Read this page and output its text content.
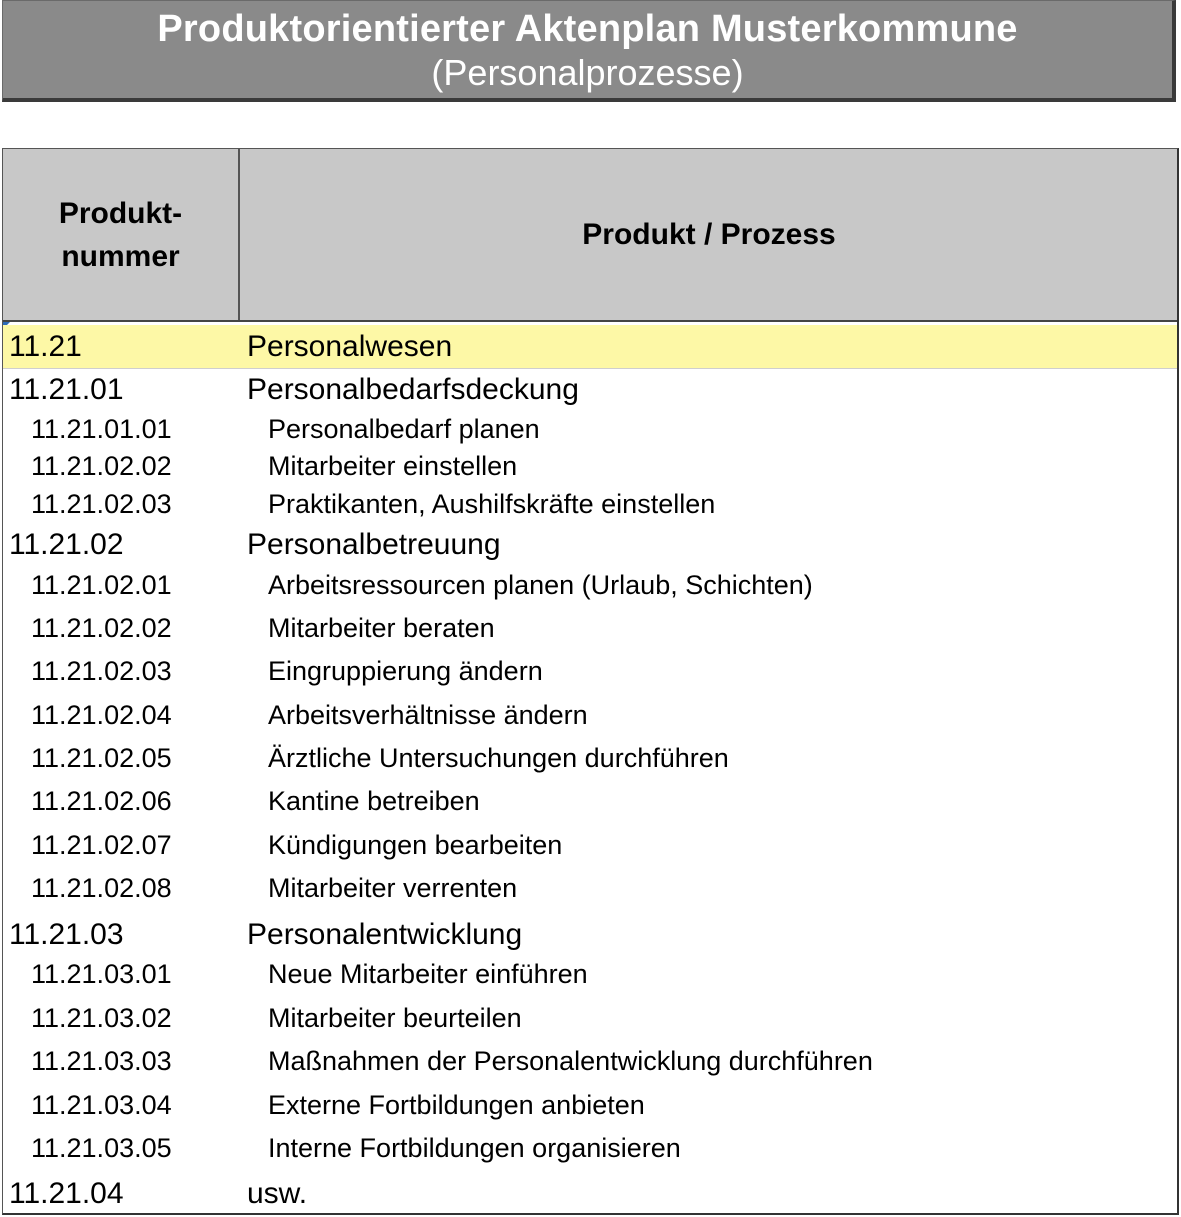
Produktorientierter Aktenplan Musterkommune
(Personalprozesse)
Produkt-
nummer
Produkt / Prozess
11.21	Personalwesen
11.21.01	Personalbedarfsdeckung
11.21.01.01	Personalbedarf planen
11.21.02.02	Mitarbeiter einstellen
11.21.02.03	Praktikanten, Aushilfskräfte einstellen
11.21.02	Personalbetreuung
11.21.02.01	Arbeitsressourcen planen (Urlaub, Schichten)
11.21.02.02	Mitarbeiter beraten
11.21.02.03	Eingruppierung ändern
11.21.02.04	Arbeitsverhältnisse ändern
11.21.02.05	Ärztliche Untersuchungen durchführen
11.21.02.06	Kantine betreiben
11.21.02.07	Kündigungen bearbeiten
11.21.02.08	Mitarbeiter verrenten
11.21.03	Personalentwicklung
11.21.03.01	Neue Mitarbeiter einführen
11.21.03.02	Mitarbeiter beurteilen
11.21.03.03	Maßnahmen der Personalentwicklung durchführen
11.21.03.04	Externe Fortbildungen anbieten
11.21.03.05	Interne Fortbildungen organisieren
11.21.04	usw.
